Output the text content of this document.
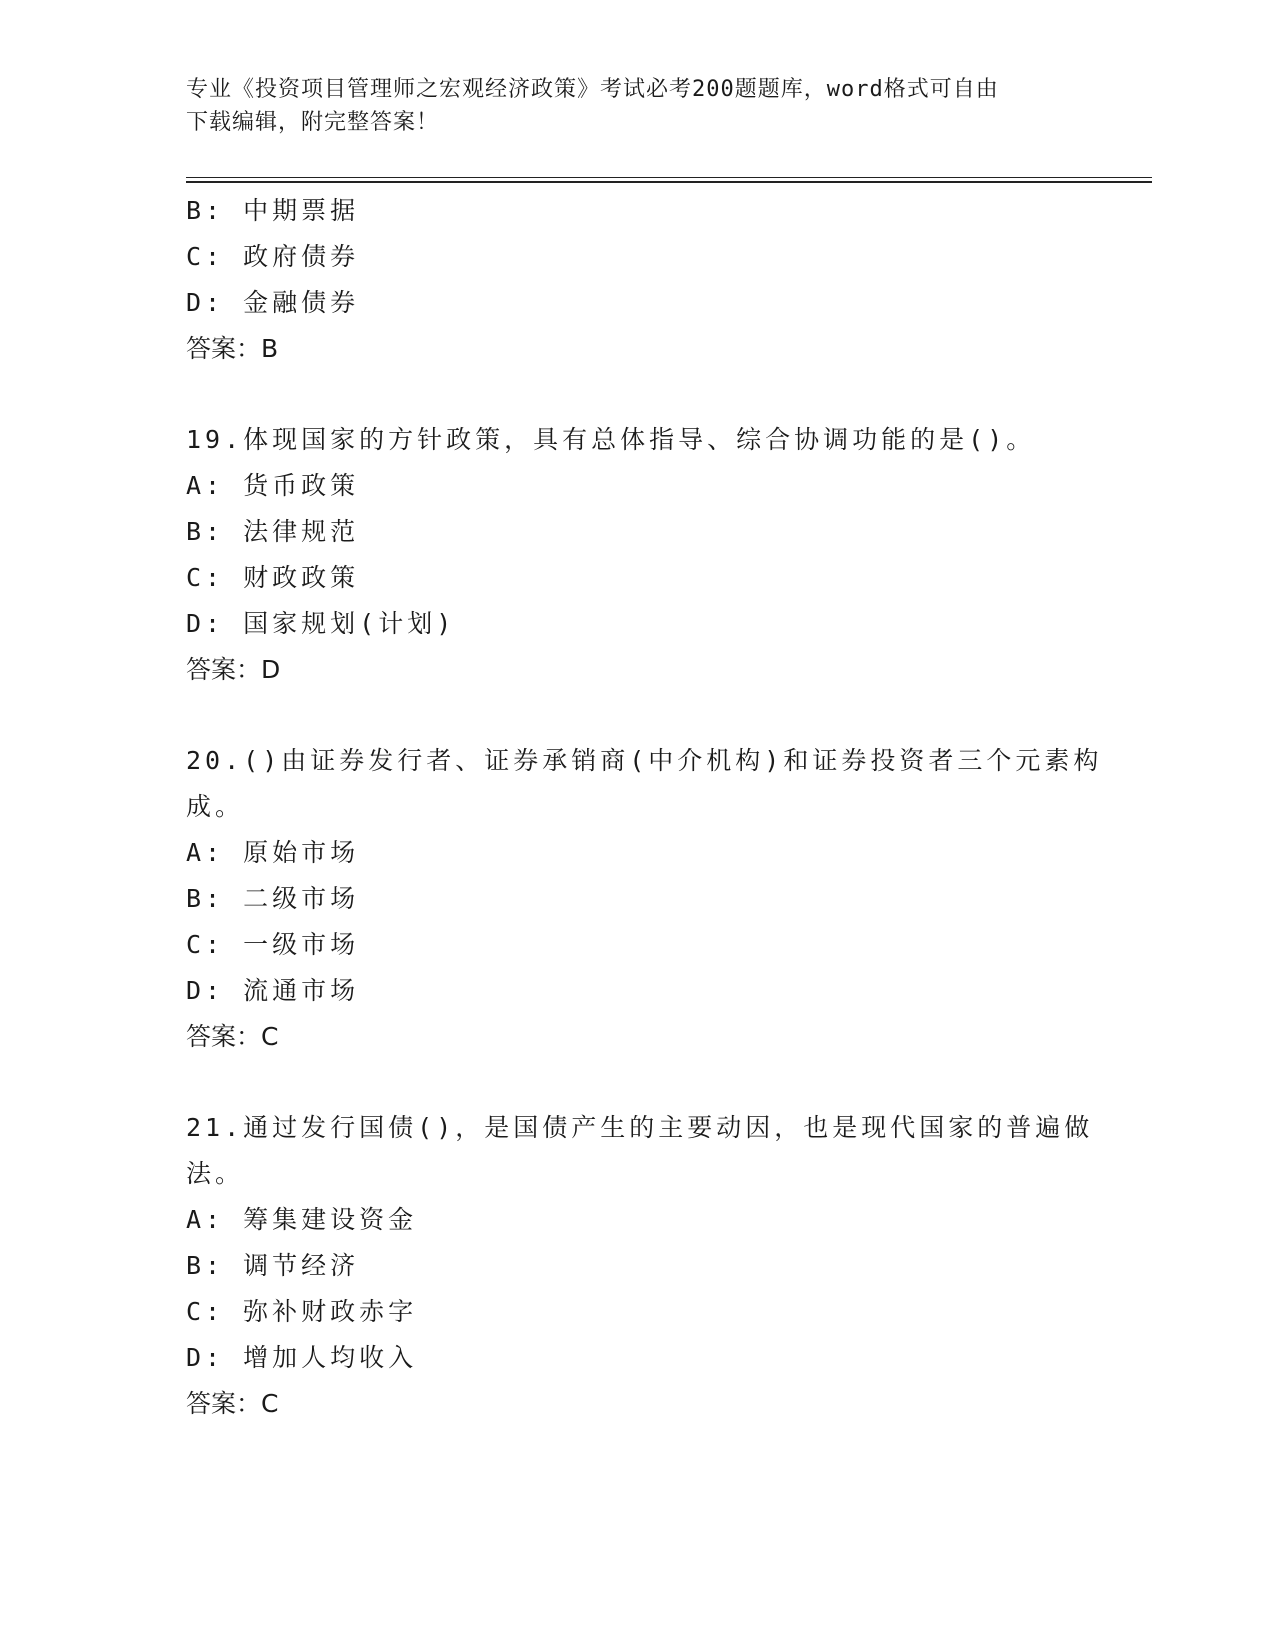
专业《投资项目管理师之宏观经济政策》考试必考200题题库，word格式可自由
下载编辑，附完整答案！
B: 中期票据
C: 政府债券
D: 金融债券
答案：B
19.体现国家的方针政策，具有总体指导、综合协调功能的是()。
A: 货币政策
B: 法律规范
C: 财政政策
D: 国家规划(计划)
答案：D
20.()由证券发行者、证券承销商(中介机构)和证券投资者三个元素构
成。
A: 原始市场
B: 二级市场
C: 一级市场
D: 流通市场
答案：C
21.通过发行国债()，是国债产生的主要动因，也是现代国家的普遍做
法。
A: 筹集建设资金
B: 调节经济
C: 弥补财政赤字
D: 增加人均收入
答案：C
